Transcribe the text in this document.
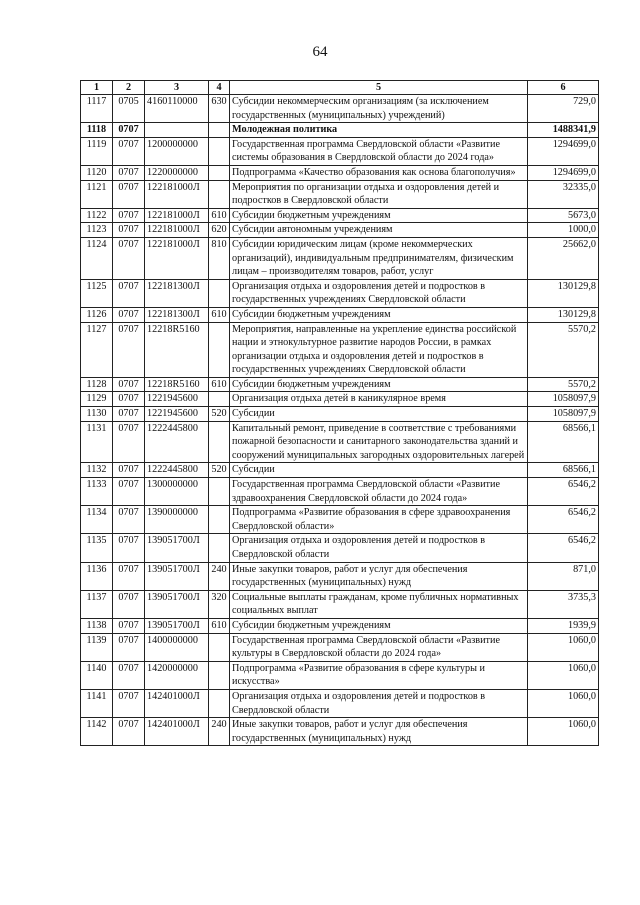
64
1	2	3	4	5	6
1117	0705	4160110000	630	Субсидии некоммерческим организациям (за исключением государственных (муниципальных) учреждений)	729,0
1118	0707			Молодежная политика	1488341,9
1119	0707	1200000000		Государственная программа Свердловской области «Развитие системы образования в Свердловской области до 2024 года»	1294699,0
1120	0707	1220000000		Подпрограмма «Качество образования как основа благополучия»	1294699,0
1121	0707	122181000Л		Мероприятия по организации отдыха и оздоровления детей и подростков в Свердловской области	32335,0
1122	0707	122181000Л	610	Субсидии бюджетным учреждениям	5673,0
1123	0707	122181000Л	620	Субсидии автономным учреждениям	1000,0
1124	0707	122181000Л	810	Субсидии юридическим лицам (кроме некоммерческих организаций), индивидуальным предпринимателям, физическим лицам – производителям товаров, работ, услуг	25662,0
1125	0707	122181300Л		Организация отдыха и оздоровления детей и подростков в государственных учреждениях Свердловской области	130129,8
1126	0707	122181300Л	610	Субсидии бюджетным учреждениям	130129,8
1127	0707	12218R5160		Мероприятия, направленные на укрепление единства российской нации и этнокультурное развитие народов России, в рамках организации отдыха и оздоровления детей и подростков в государственных учреждениях Свердловской области	5570,2
1128	0707	12218R5160	610	Субсидии бюджетным учреждениям	5570,2
1129	0707	1221945600		Организация отдыха детей в каникулярное время	1058097,9
1130	0707	1221945600	520	Субсидии	1058097,9
1131	0707	1222445800		Капитальный ремонт, приведение в соответствие с требованиями пожарной безопасности и санитарного законодательства зданий и сооружений муниципальных загородных оздоровительных лагерей	68566,1
1132	0707	1222445800	520	Субсидии	68566,1
1133	0707	1300000000		Государственная программа Свердловской области «Развитие здравоохранения Свердловской области до 2024 года»	6546,2
1134	0707	1390000000		Подпрограмма «Развитие образования в сфере здравоохранения Свердловской области»	6546,2
1135	0707	139051700Л		Организация отдыха и оздоровления детей и подростков в Свердловской области	6546,2
1136	0707	139051700Л	240	Иные закупки товаров, работ и услуг для обеспечения государственных (муниципальных) нужд	871,0
1137	0707	139051700Л	320	Социальные выплаты гражданам, кроме публичных нормативных социальных выплат	3735,3
1138	0707	139051700Л	610	Субсидии бюджетным учреждениям	1939,9
1139	0707	1400000000		Государственная программа Свердловской области «Развитие культуры в Свердловской области до 2024 года»	1060,0
1140	0707	1420000000		Подпрограмма «Развитие образования в сфере культуры и искусства»	1060,0
1141	0707	142401000Л		Организация отдыха и оздоровления детей и подростков в Свердловской области	1060,0
1142	0707	142401000Л	240	Иные закупки товаров, работ и услуг для обеспечения государственных (муниципальных) нужд	1060,0
